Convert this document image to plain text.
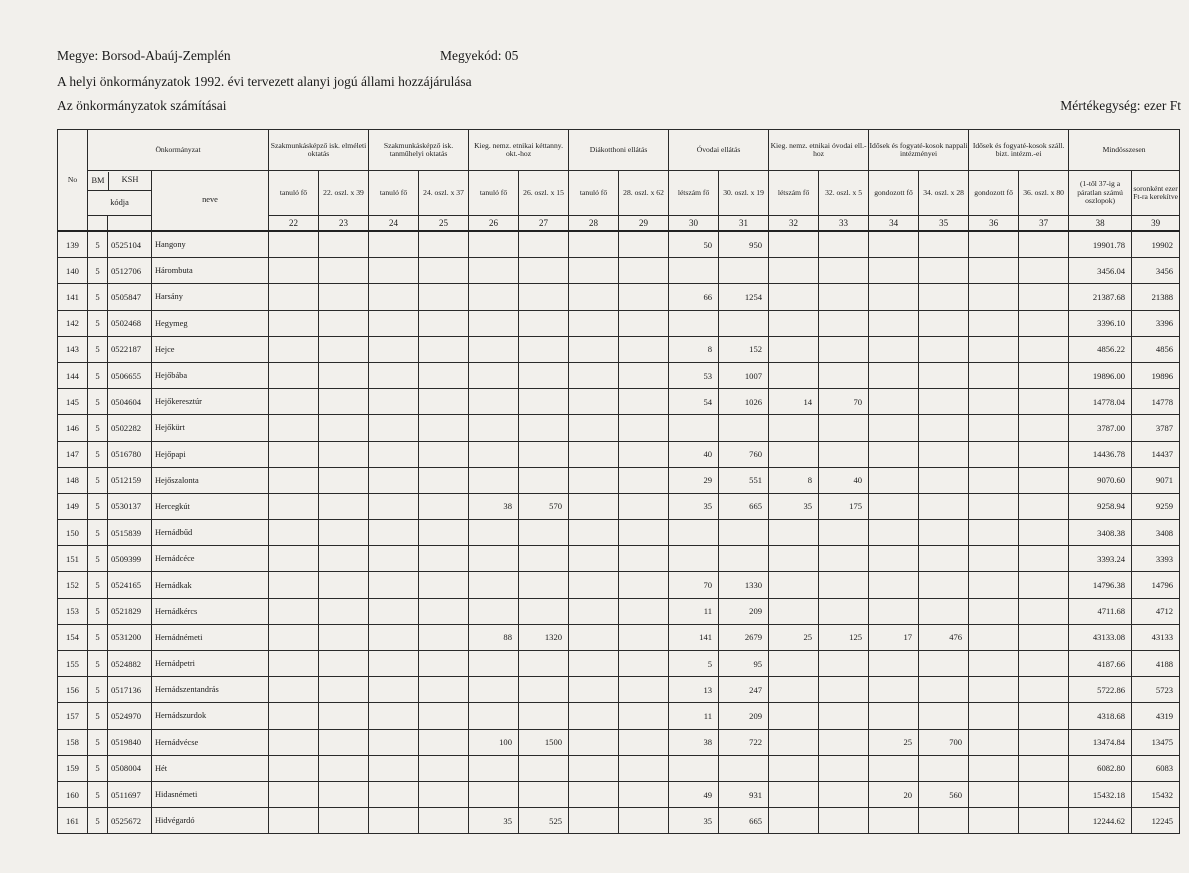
Megye: Borsod-Abaúj-Zemplén	Megyekód: 05
A helyi önkormányzatok 1992. évi tervezett alanyi jogú állami hozzájárulása
Az önkormányzatok számításai	Mértékegység: ezer Ft
No	Önkormányzat			Szakmunkásképző isk. elméleti oktatás		Szakmunkásképző isk. tanműhelyi oktatás		Kieg. nemz. etnikai kéttanny. okt.-hoz		Diákotthoni ellátás		Óvodai ellátás		Kieg. nemz. etnikai óvodai ell.-hoz		Idősek és fogyaté-kosok nappali intézményei		Idősek és fogyaté-kosok száll. bizt. intézm.-ei		Mindösszesen	

	BM KSH
kódja		neve	tanuló fő	22. oszl. x 39	tanuló fő	24. oszl. x 37	tanuló fő	26. oszl. x 15	tanuló fő	28. oszl. x 62	létszám fő	30. oszl. x 19	létszám fő	32. oszl. x 5	gondozott fő	34. oszl. x 28	gondozott fő	36. oszl. x 80	(1-től 37-ig a páratlan számú oszlopok)	soronként ezer Ft-ra kerekítve
				22	23	24	25	26	27	28	29	30	31	32	33	34	35	36	37	38	39
139	5	0525104	Hangony									50	950							19901.78	19902
140	5	0512706	Hárombuta																	3456.04	3456
141	5	0505847	Harsány									66	1254							21387.68	21388
142	5	0502468	Hegymeg																	3396.10	3396
143	5	0522187	Hejce									8	152							4856.22	4856
144	5	0506655	Hejőbába									53	1007							19896.00	19896
145	5	0504604	Hejőkeresztúr									54	1026	14	70					14778.04	14778
146	5	0502282	Hejőkürt																	3787.00	3787
147	5	0516780	Hejőpapi									40	760							14436.78	14437
148	5	0512159	Hejőszalonta									29	551	8	40					9070.60	9071
149	5	0530137	Hercegkút					38	570			35	665	35	175					9258.94	9259
150	5	0515839	Hernádbűd																	3408.38	3408
151	5	0509399	Hernádcéce																	3393.24	3393
152	5	0524165	Hernádkak									70	1330							14796.38	14796
153	5	0521829	Hernádkércs									11	209							4711.68	4712
154	5	0531200	Hernádnémeti					88	1320			141	2679	25	125	17	476			43133.08	43133
155	5	0524882	Hernádpetri									5	95							4187.66	4188
156	5	0517136	Hernádszentandrás									13	247							5722.86	5723
157	5	0524970	Hernádszurdok									11	209							4318.68	4319
158	5	0519840	Hernádvécse					100	1500			38	722			25	700			13474.84	13475
159	5	0508004	Hét																	6082.80	6083
160	5	0511697	Hidasnémeti									49	931			20	560			15432.18	15432
161	5	0525672	Hidvégardó					35	525			35	665							12244.62	12245
